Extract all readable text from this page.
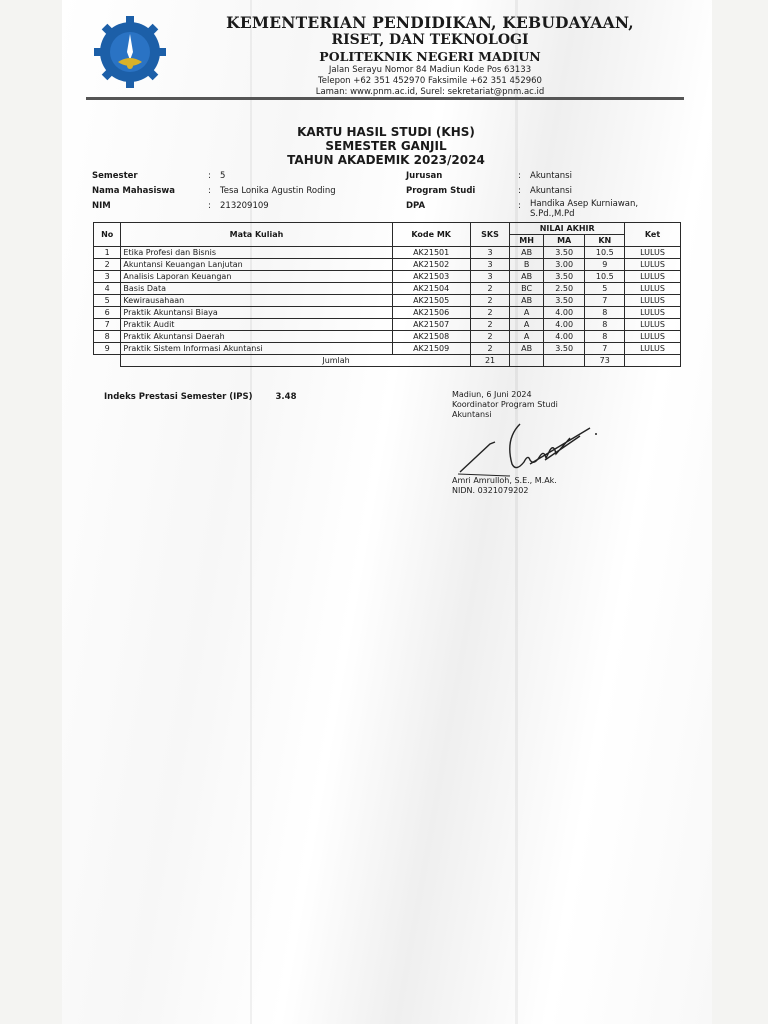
KEMENTERIAN PENDIDIKAN, KEBUDAYAAN,
RISET, DAN TEKNOLOGI
POLITEKNIK NEGERI MADIUN
Jalan Serayu Nomor 84 Madiun Kode Pos 63133
Telepon +62 351 452970 Faksimile +62 351 452960
Laman: www.pnm.ac.id, Surel: sekretariat@pnm.ac.id
KARTU HASIL STUDI (KHS)
SEMESTER GANJIL
TAHUN AKADEMIK 2023/2024
Semester	:	5
Nama Mahasiswa	:	Tesa Lonika Agustin Roding
NIM	:	213209109
Jurusan	:	Akuntansi
Program Studi	:	Akuntansi
DPA	:	Handika Asep Kurniawan,
S.Pd.,M.Pd
No	Mata Kuliah	Kode MK	SKS	NILAI AKHIR			Ket
				MH	MA	KN	
1	Etika Profesi dan Bisnis	AK21501	3	AB	3.50	10.5	LULUS
2	Akuntansi Keuangan Lanjutan	AK21502	3	B	3.00	9	LULUS
3	Analisis Laporan Keuangan	AK21503	3	AB	3.50	10.5	LULUS
4	Basis Data	AK21504	2	BC	2.50	5	LULUS
5	Kewirausahaan	AK21505	2	AB	3.50	7	LULUS
6	Praktik Akuntansi Biaya	AK21506	2	A	4.00	8	LULUS
7	Praktik Audit	AK21507	2	A	4.00	8	LULUS
8	Praktik Akuntansi Daerah	AK21508	2	A	4.00	8	LULUS
9	Praktik Sistem Informasi Akuntansi	AK21509	2	AB	3.50	7	LULUS
	Jumlah		21			73	
Indeks Prestasi Semester (IPS)	3.48	Madiun, 6 Juni 2024
Koordinator Program Studi
Akuntansi
Amri Amrulloh, S.E., M.Ak.
NIDN. 0321079202
